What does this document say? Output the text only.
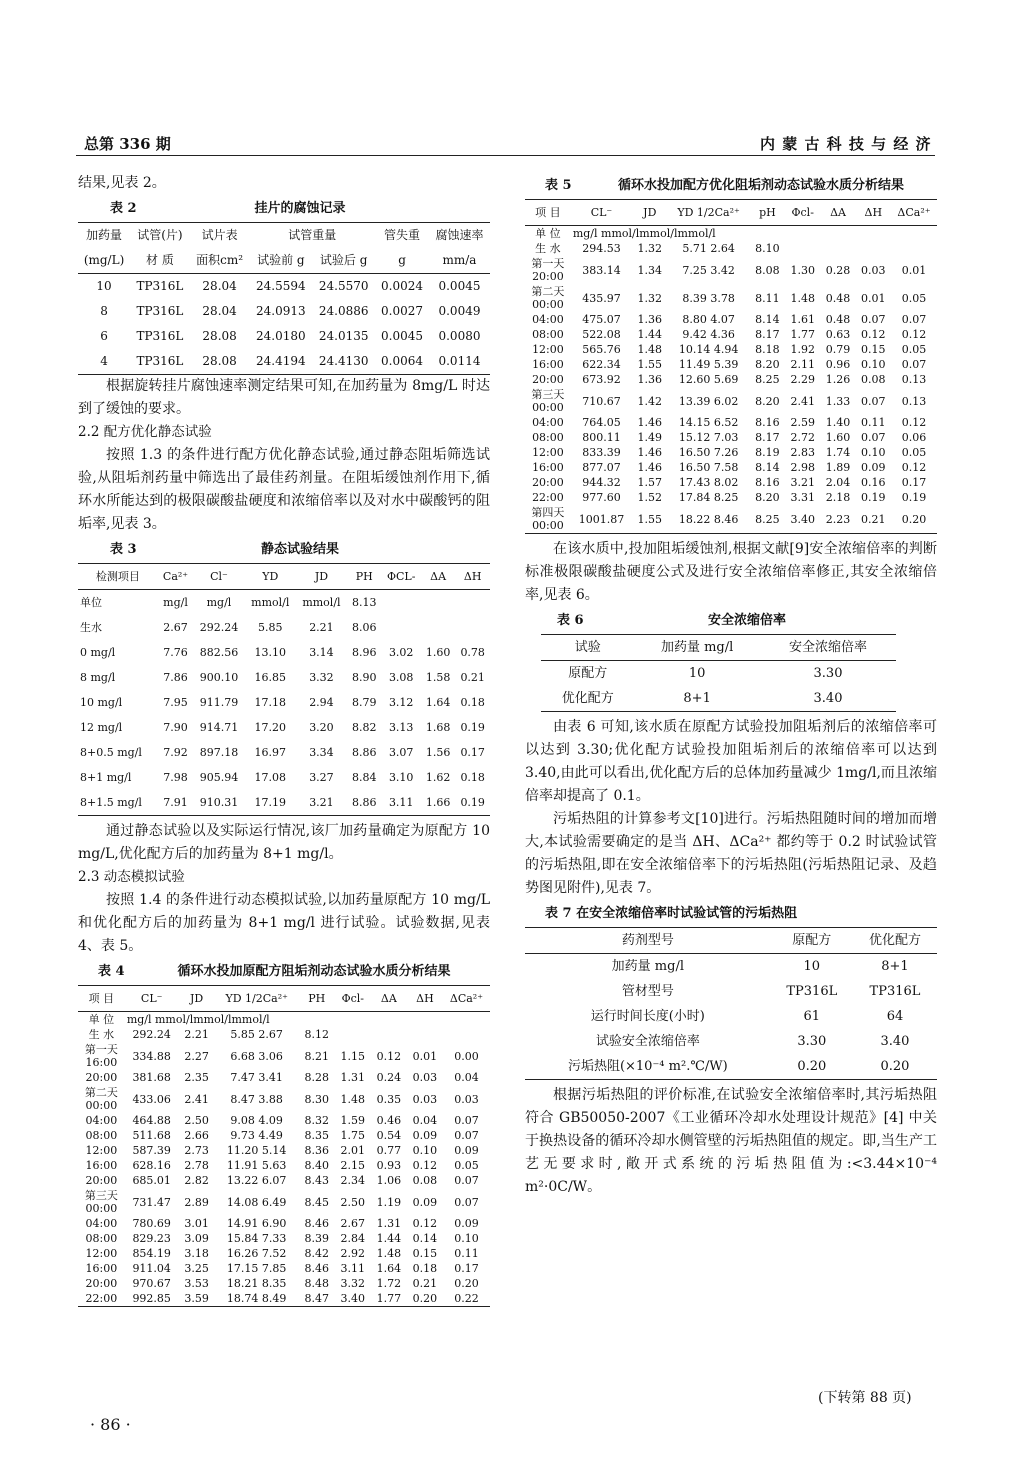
总第 336 期	内 蒙 古 科 技 与 经 济

结果,见表 2。

表 2	挂片的腐蚀记录
加药量	试管(片)	试片表	试管重量		管失重	腐蚀速率
(mg/L)	材 质	面积cm²	试验前 g	试验后 g	g	mm/a
10	TP316L	28.04	24.5594	24.5570	0.0024	0.0045
8	TP316L	28.04	24.0913	24.0886	0.0027	0.0049
6	TP316L	28.08	24.0180	24.0135	0.0045	0.0080
4	TP316L	28.08	24.4194	24.4130	0.0064	0.0114

根据旋转挂片腐蚀速率测定结果可知,在加药量为 8mg/L 时达到了缓蚀的要求。

2.2 配方优化静态试验

按照 1.3 的条件进行配方优化静态试验,通过静态阻垢筛选试验,从阻垢剂药量中筛选出了最佳药剂量。在阻垢缓蚀剂作用下,循环水所能达到的极限碳酸盐硬度和浓缩倍率以及对水中碳酸钙的阻垢率,见表 3。

表 3	静态试验结果
检测项目	Ca²⁺	Cl⁻	YD	JD	PH	ΦCL-	ΔA	ΔH
单位	mg/l	mg/l	mmol/l	mmol/l	8.13			
生水	2.67	292.24	5.85	2.21	8.06			
0 mg/l	7.76	882.56	13.10	3.14	8.96	3.02	1.60	0.78
8 mg/l	7.86	900.10	16.85	3.32	8.90	3.08	1.58	0.21
10 mg/l	7.95	911.79	17.18	2.94	8.79	3.12	1.64	0.18
12 mg/l	7.90	914.71	17.20	3.20	8.82	3.13	1.68	0.19
8+0.5 mg/l	7.92	897.18	16.97	3.34	8.86	3.07	1.56	0.17
8+1 mg/l	7.98	905.94	17.08	3.27	8.84	3.10	1.62	0.18
8+1.5 mg/l	7.91	910.31	17.19	3.21	8.86	3.11	1.66	0.19

通过静态试验以及实际运行情况,该厂加药量确定为原配方 10 mg/L,优化配方后的加药量为 8+1 mg/l。

2.3 动态模拟试验

按照 1.4 的条件进行动态模拟试验,以加药量原配方 10 mg/L 和优化配方后的加药量为 8+1 mg/l 进行试验。试验数据,见表 4、表 5。

表 4	循环水投加原配方阻垢剂动态试验水质分析结果
项 目	CL⁻	JD	YD 1/2Ca²⁺	PH	Φcl-	ΔA	ΔH	ΔCa²⁺
单 位	mg/l mmol/lmmol/lmmol/l							
生 水	292.24	2.21	5.85 2.67	8.12				
第一天
16:00	334.88	2.27	6.68 3.06	8.21	1.15	0.12	0.01	0.00
20:00	381.68	2.35	7.47 3.41	8.28	1.31	0.24	0.03	0.04
第二天
00:00	433.06	2.41	8.47 3.88	8.30	1.48	0.35	0.03	0.03
04:00	464.88	2.50	9.08 4.09	8.32	1.59	0.46	0.04	0.07
08:00	511.68	2.66	9.73 4.49	8.35	1.75	0.54	0.09	0.07
12:00	587.39	2.73	11.20 5.14	8.36	2.01	0.77	0.10	0.09
16:00	628.16	2.78	11.91 5.63	8.40	2.15	0.93	0.12	0.05
20:00	685.01	2.82	13.22 6.07	8.43	2.34	1.06	0.08	0.07
第三天
00:00	731.47	2.89	14.08 6.49	8.45	2.50	1.19	0.09	0.07
04:00	780.69	3.01	14.91 6.90	8.46	2.67	1.31	0.12	0.09
08:00	829.23	3.09	15.84 7.33	8.39	2.84	1.44	0.14	0.10
12:00	854.19	3.18	16.26 7.52	8.42	2.92	1.48	0.15	0.11
16:00	911.04	3.25	17.15 7.85	8.46	3.11	1.64	0.18	0.17
20:00	970.67	3.53	18.21 8.35	8.48	3.32	1.72	0.21	0.20
22:00	992.85	3.59	18.74 8.49	8.47	3.40	1.77	0.20	0.22
· 86 ·
表 5	循环水投加配方优化阻垢剂动态试验水质分析结果
项 目	CL⁻	JD	YD 1/2Ca²⁺	pH	Φcl-	ΔA	ΔH	ΔCa²⁺
单 位	mg/l mmol/lmmol/lmmol/l							
生 水	294.53	1.32	5.71 2.64	8.10				
第一天
20:00	383.14	1.34	7.25 3.42	8.08	1.30	0.28	0.03	0.01
第二天
00:00	435.97	1.32	8.39 3.78	8.11	1.48	0.48	0.01	0.05
04:00	475.07	1.36	8.80 4.07	8.14	1.61	0.48	0.07	0.07
08:00	522.08	1.44	9.42 4.36	8.17	1.77	0.63	0.12	0.12
12:00	565.76	1.48	10.14 4.94	8.18	1.92	0.79	0.15	0.05
16:00	622.34	1.55	11.49 5.39	8.20	2.11	0.96	0.10	0.07
20:00	673.92	1.36	12.60 5.69	8.25	2.29	1.26	0.08	0.13
第三天
00:00	710.67	1.42	13.39 6.02	8.20	2.41	1.33	0.07	0.13
04:00	764.05	1.46	14.15 6.52	8.16	2.59	1.40	0.11	0.12
08:00	800.11	1.49	15.12 7.03	8.17	2.72	1.60	0.07	0.06
12:00	833.39	1.46	16.50 7.26	8.19	2.83	1.74	0.10	0.05
16:00	877.07	1.46	16.50 7.58	8.14	2.98	1.89	0.09	0.12
20:00	944.32	1.57	17.43 8.02	8.16	3.21	2.04	0.16	0.17
22:00	977.60	1.52	17.84 8.25	8.20	3.31	2.18	0.19	0.19
第四天
00:00	1001.87	1.55	18.22 8.46	8.25	3.40	2.23	0.21	0.20

在该水质中,投加阻垢缓蚀剂,根据文献[9]安全浓缩倍率的判断标准极限碳酸盐硬度公式及进行安全浓缩倍率修正,其安全浓缩倍率,见表 6。

表 6	安全浓缩倍率
试验	加药量 mg/l	安全浓缩倍率
原配方	10	3.30
优化配方	8+1	3.40

由表 6 可知,该水质在原配方试验投加阻垢剂后的浓缩倍率可以达到 3.30;优化配方试验投加阻垢剂后的浓缩倍率可以达到 3.40,由此可以看出,优化配方后的总体加药量减少 1mg/l,而且浓缩倍率却提高了 0.1。

污垢热阻的计算参考文[10]进行。污垢热阻随时间的增加而增大,本试验需要确定的是当 ΔH、ΔCa²⁺ 都约等于 0.2 时试验试管的污垢热阻,即在安全浓缩倍率下的污垢热阻(污垢热阻记录、及趋势图见附件),见表 7。

表 7 在安全浓缩倍率时试验试管的污垢热阻
药剂型号	原配方	优化配方
加药量 mg/l	10	8+1
管材型号	TP316L	TP316L
运行时间长度(小时)	61	64
试验安全浓缩倍率	3.30	3.40
污垢热阻(×10⁻⁴ m².℃/W)	0.20	0.20

根据污垢热阻的评价标准,在试验安全浓缩倍率时,其污垢热阻符合 GB50050-2007《工业循环冷却水处理设计规范》[4] 中关于换热设备的循环冷却水侧管壁的污垢热阻值的规定。即,当生产工艺无要求时,敞开式系统的污垢热阻值为:<3.44×10⁻⁴ m²·0C/W。

(下转第 88 页)
